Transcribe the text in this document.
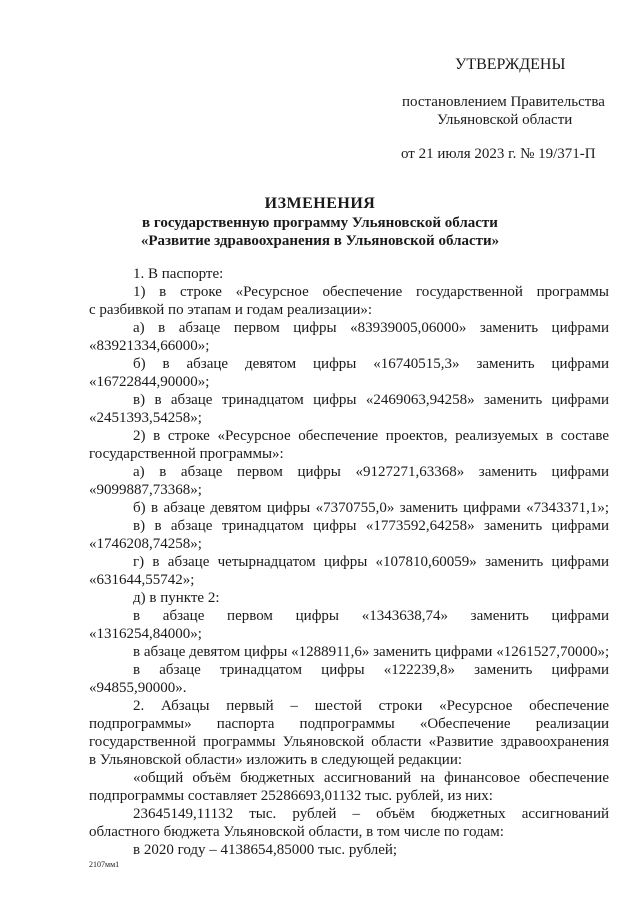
УТВЕРЖДЕНЫ
постановлением Правительства
Ульяновской области
от 21 июля 2023 г. № 19/371-П
ИЗМЕНЕНИЯ
в государственную программу Ульяновской области
«Развитие здравоохранения в Ульяновской области»
1. В паспорте:
1) в строке «Ресурсное обеспечение государственной программы
с разбивкой по этапам и годам реализации»:
а) в абзаце первом цифры «83939005,06000» заменить цифрами
«83921334,66000»;
б) в абзаце девятом цифры «16740515,3» заменить цифрами
«16722844,90000»;
в) в абзаце тринадцатом цифры «2469063,94258» заменить цифрами
«2451393,54258»;
2) в строке «Ресурсное обеспечение проектов, реализуемых в составе
государственной программы»:
а) в абзаце первом цифры «9127271,63368» заменить цифрами
«9099887,73368»;
б) в абзаце девятом цифры «7370755,0» заменить цифрами «7343371,1»;
в) в абзаце тринадцатом цифры «1773592,64258» заменить цифрами
«1746208,74258»;
г) в абзаце четырнадцатом цифры «107810,60059» заменить цифрами
«631644,55742»;
д) в пункте 2:
в абзаце первом цифры «1343638,74» заменить цифрами
«1316254,84000»;
в абзаце девятом цифры «1288911,6» заменить цифрами «1261527,70000»;
в абзаце тринадцатом цифры «122239,8» заменить цифрами
«94855,90000».
2. Абзацы первый – шестой строки «Ресурсное обеспечение
подпрограммы» паспорта подпрограммы «Обеспечение реализации
государственной программы Ульяновской области «Развитие здравоохранения
в Ульяновской области» изложить в следующей редакции:
«общий объём бюджетных ассигнований на финансовое обеспечение
подпрограммы составляет 25286693,01132 тыс. рублей, из них:
23645149,11132 тыс. рублей – объём бюджетных ассигнований
областного бюджета Ульяновской области, в том числе по годам:
в 2020 году – 4138654,85000 тыс. рублей;
2107мм1
